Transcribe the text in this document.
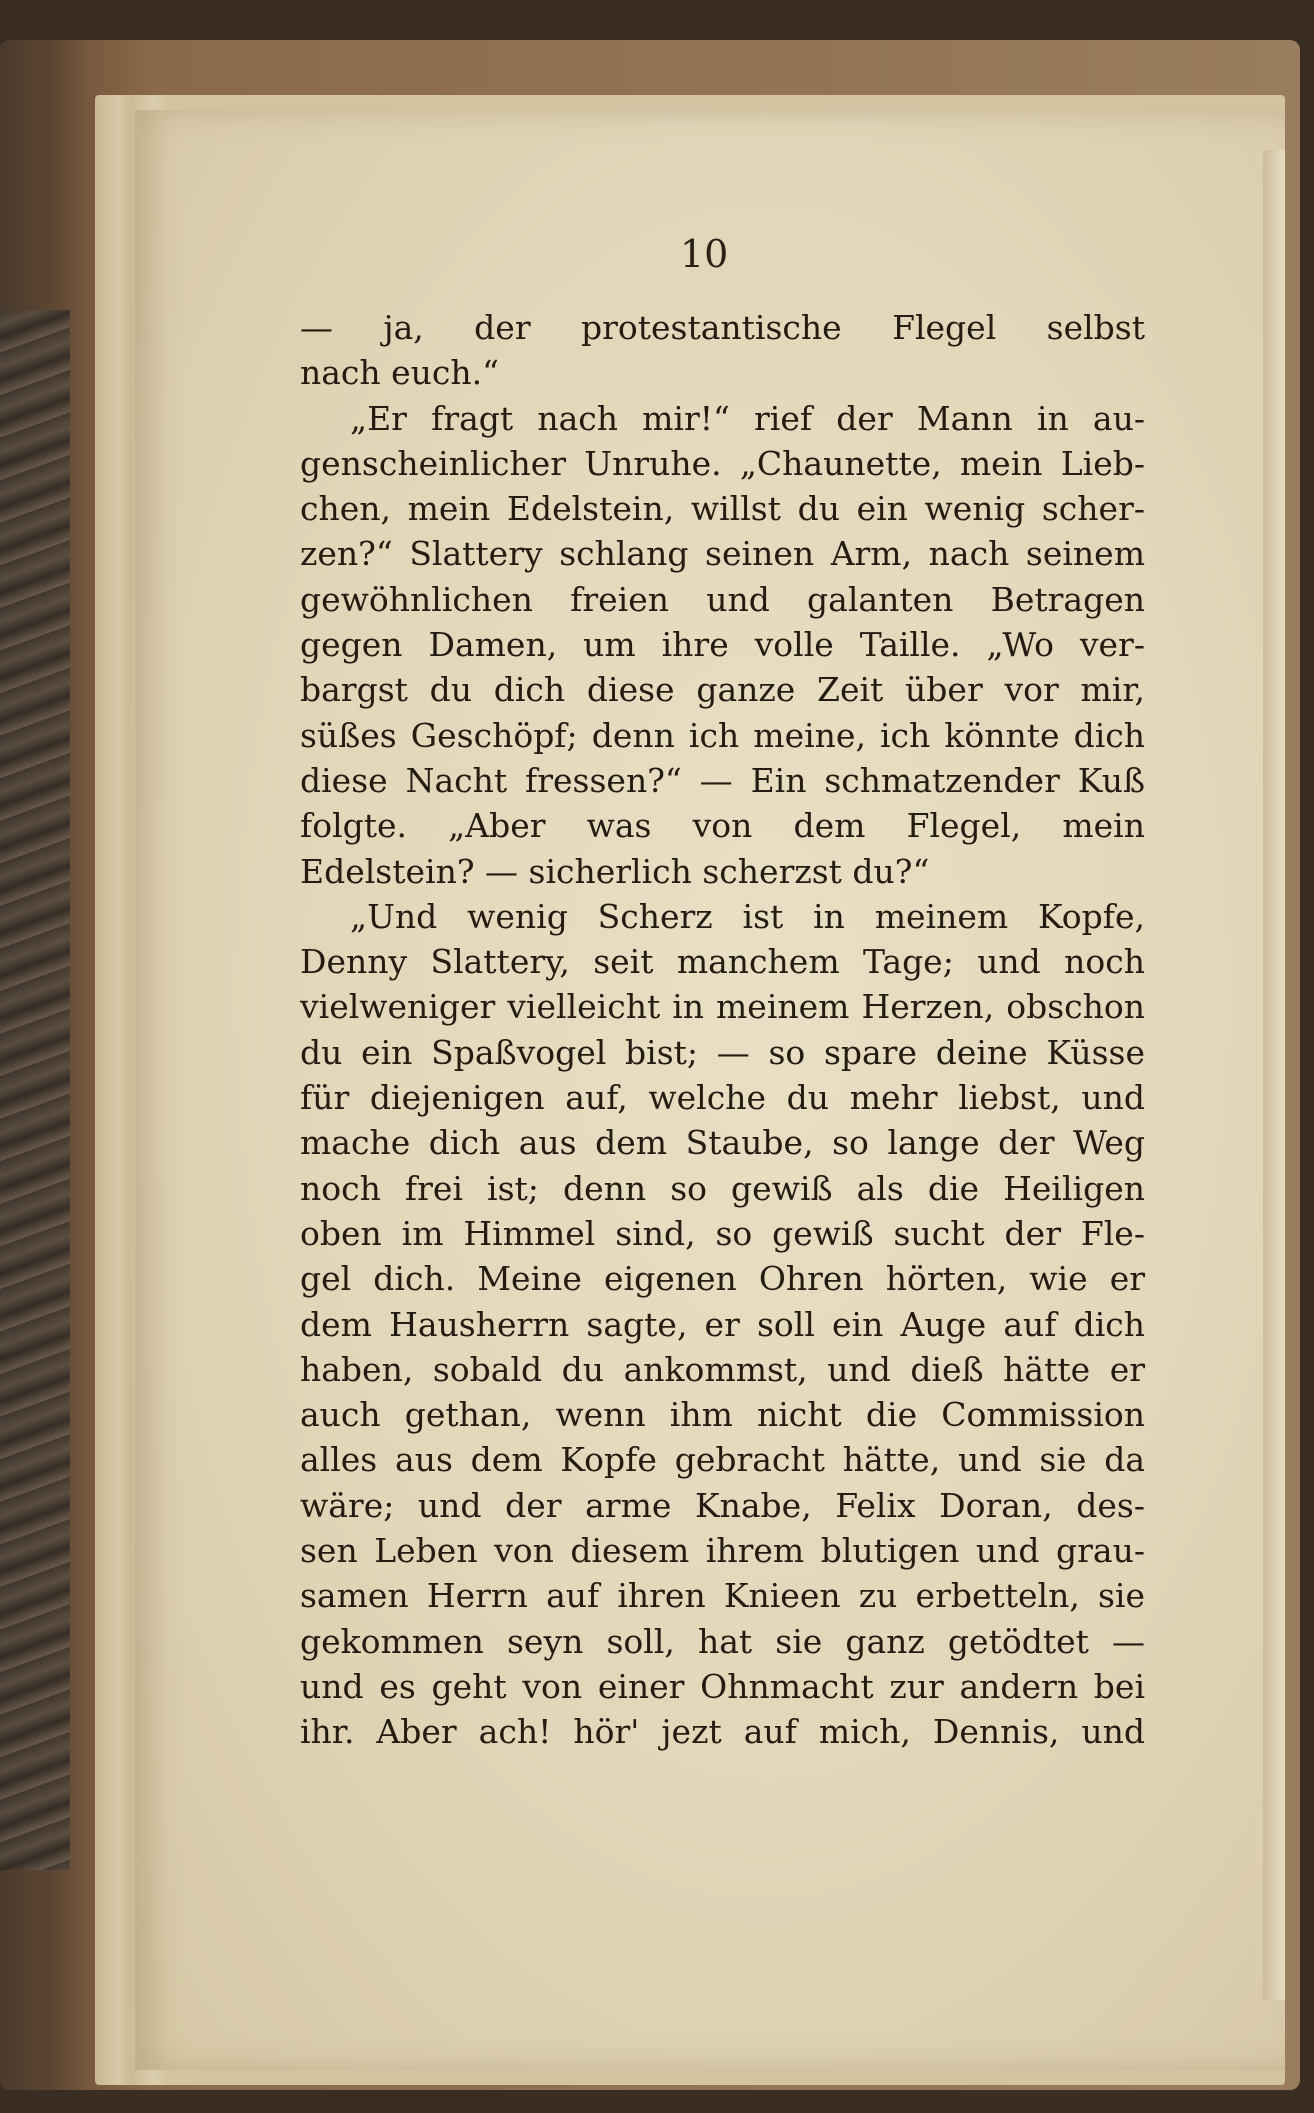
10
— ja, der protestantische Flegel selbst
nach euch.“
„Er fragt nach mir!“ rief der Mann in au-
genscheinlicher Unruhe. „Chaunette, mein Lieb-
chen, mein Edelstein, willst du ein wenig scher-
zen?“ Slattery schlang seinen Arm, nach seinem
gewöhnlichen freien und galanten Betragen
gegen Damen, um ihre volle Taille. „Wo ver-
bargst du dich diese ganze Zeit über vor mir,
süßes Geschöpf; denn ich meine, ich könnte dich
diese Nacht fressen?“ — Ein schmatzender Kuß
folgte. „Aber was von dem Flegel, mein
Edelstein? — sicherlich scherzst du?“
„Und wenig Scherz ist in meinem Kopfe,
Denny Slattery, seit manchem Tage; und noch
vielweniger vielleicht in meinem Herzen, obschon
du ein Spaßvogel bist; — so spare deine Küsse
für diejenigen auf, welche du mehr liebst, und
mache dich aus dem Staube, so lange der Weg
noch frei ist; denn so gewiß als die Heiligen
oben im Himmel sind, so gewiß sucht der Fle-
gel dich. Meine eigenen Ohren hörten, wie er
dem Hausherrn sagte, er soll ein Auge auf dich
haben, sobald du ankommst, und dieß hätte er
auch gethan, wenn ihm nicht die Commission
alles aus dem Kopfe gebracht hätte, und sie da
wäre; und der arme Knabe, Felix Doran, des-
sen Leben von diesem ihrem blutigen und grau-
samen Herrn auf ihren Knieen zu erbetteln, sie
gekommen seyn soll, hat sie ganz getödtet —
und es geht von einer Ohnmacht zur andern bei
ihr. Aber ach! hör' jezt auf mich, Dennis, und
